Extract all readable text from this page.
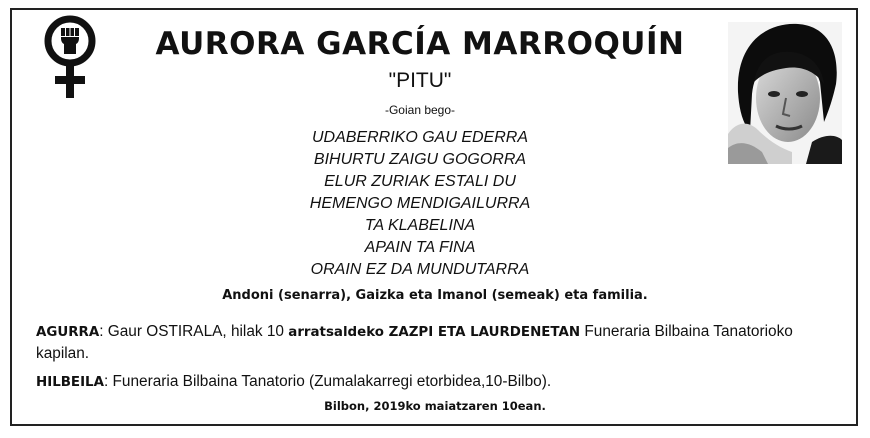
AURORA GARCÍA MARROQUÍN
"PITU"
-Goian bego-
UDABERRIKO GAU EDERRA
BIHURTU ZAIGU GOGORRA
ELUR ZURIAK ESTALI DU
HEMENGO MENDIGAILURRA
TA KLABELINA
APAIN TA FINA
ORAIN EZ DA MUNDUTARRA
Andoni (senarra), Gaizka eta Imanol (semeak) eta familia.
AGURRA: Gaur OSTIRALA, hilak 10 arratsaldeko ZAZPI ETA LAURDENETAN Funeraria Bilbaina Tanatorioko kapilan.
HILBEILA: Funeraria Bilbaina Tanatorio (Zumalakarregi etorbidea,10-Bilbo).
Bilbon, 2019ko maiatzaren 10ean.
